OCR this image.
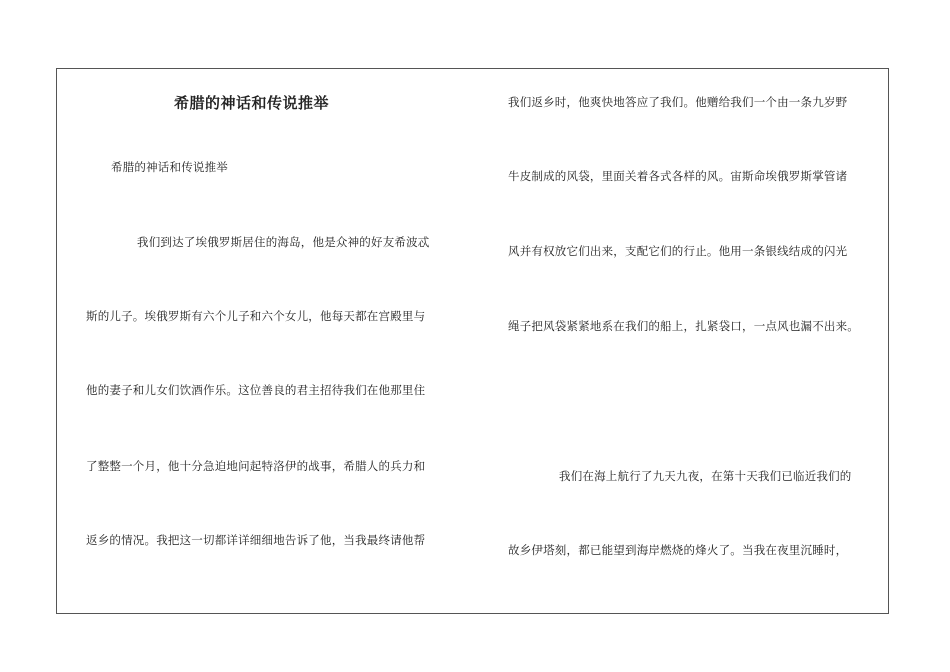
希腊的神话和传说推举
希腊的神话和传说推举
我们到达了埃俄罗斯居住的海岛，他是众神的好友希波忒
斯的儿子。埃俄罗斯有六个儿子和六个女儿，他每天都在宫殿里与
他的妻子和儿女们饮酒作乐。这位善良的君主招待我们在他那里住
了整整一个月，他十分急迫地问起特洛伊的战事，希腊人的兵力和
返乡的情况。我把这一切都详详细细地告诉了他，当我最终请他帮
我们返乡时，他爽快地答应了我们。他赠给我们一个由一条九岁野
牛皮制成的风袋，里面关着各式各样的风。宙斯命埃俄罗斯掌管诸
风并有权放它们出来，支配它们的行止。他用一条银线结成的闪光
绳子把风袋紧紧地系在我们的船上，扎紧袋口，一点风也漏不出来。
我们在海上航行了九天九夜，在第十天我们已临近我们的
故乡伊塔刻，都已能望到海岸燃烧的烽火了。当我在夜里沉睡时，
